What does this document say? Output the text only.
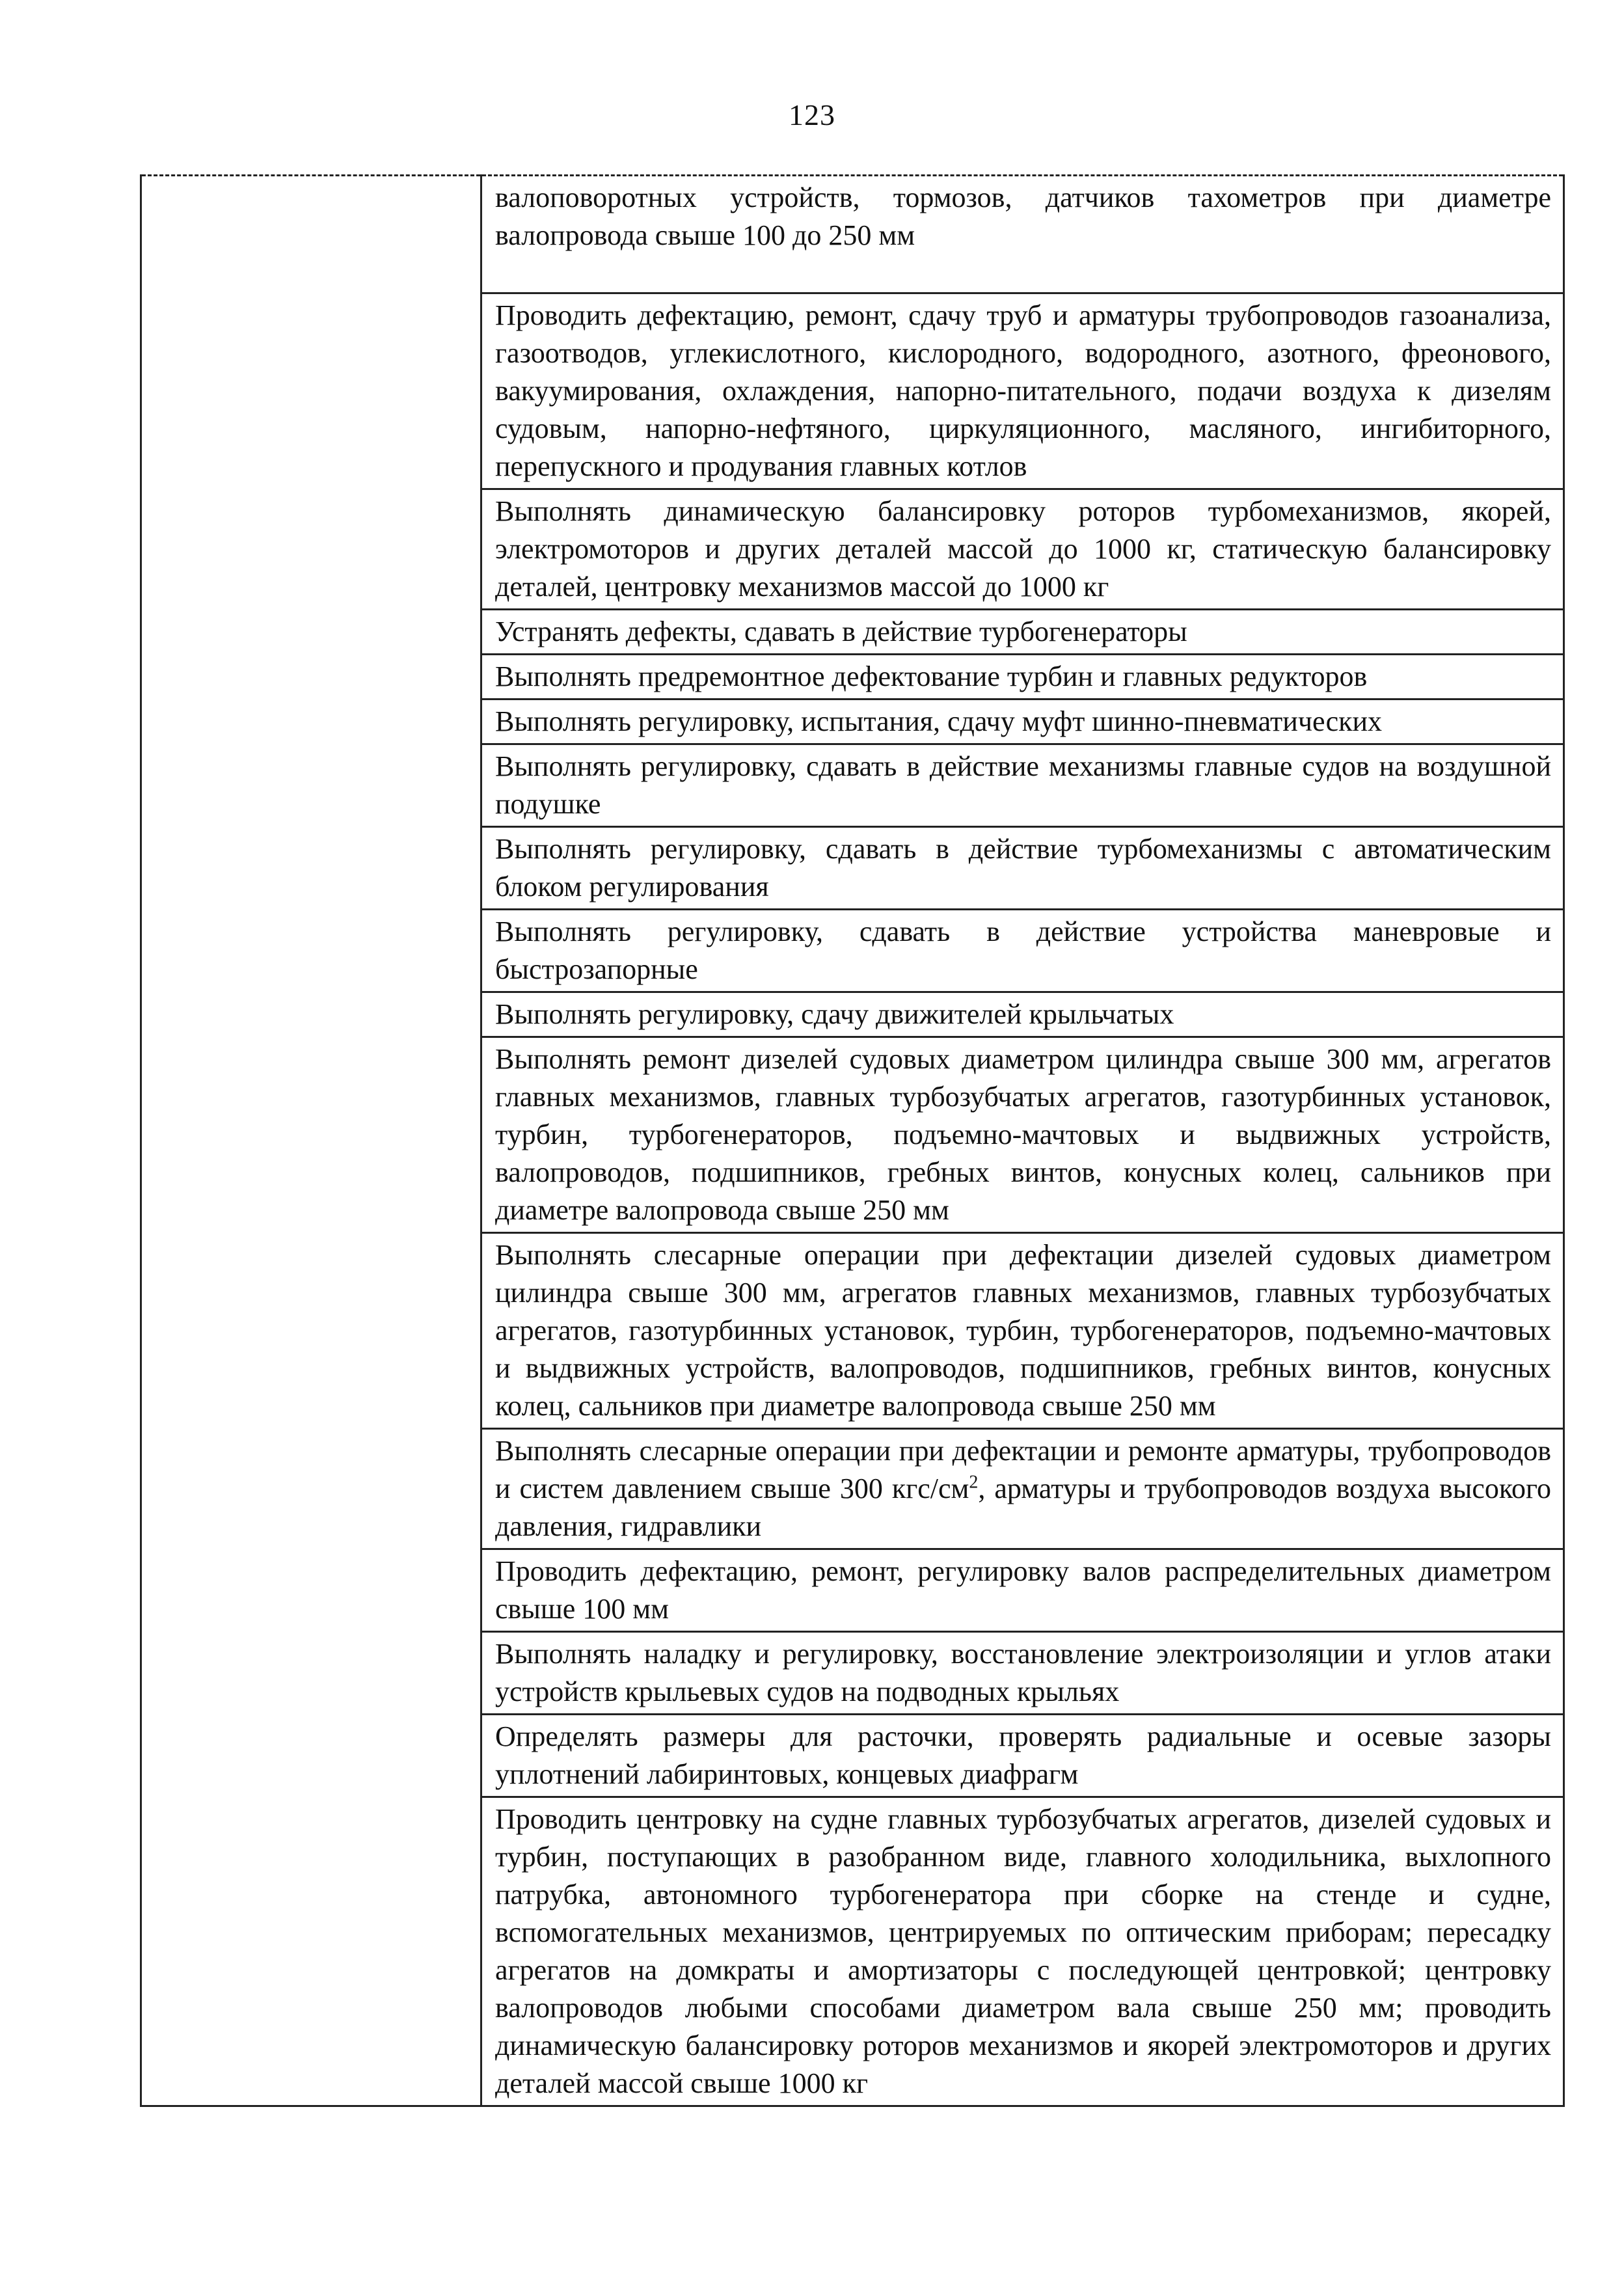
123
	валоповоротных устройств, тормозов, датчиков тахометров при диаметре валопровода свыше 100 до 250 мм
Проводить дефектацию, ремонт, сдачу труб и арматуры трубопроводов газоанализа, газоотводов, углекислотного, кислородного, водородного, азотного, фреонового, вакуумирования, охлаждения, напорно-питательного, подачи воздуха к дизелям судовым, напорно-нефтяного, циркуляционного, масляного, ингибиторного, перепускного и продувания главных котлов
Выполнять динамическую балансировку роторов турбомеханизмов, якорей, электромоторов и других деталей массой до 1000 кг, статическую балансировку деталей, центровку механизмов массой до 1000 кг
Устранять дефекты, сдавать в действие турбогенераторы
Выполнять предремонтное дефектование турбин и главных редукторов
Выполнять регулировку, испытания, сдачу муфт шинно-пневматических
Выполнять регулировку, сдавать в действие механизмы главные судов на воздушной подушке
Выполнять регулировку, сдавать в действие турбомеханизмы с автоматическим блоком регулирования
Выполнять регулировку, сдавать в действие устройства маневровые и быстрозапорные
Выполнять регулировку, сдачу движителей крыльчатых
Выполнять ремонт дизелей судовых диаметром цилиндра свыше 300 мм, агрегатов главных механизмов, главных турбозубчатых агрегатов, газотурбинных установок, турбин, турбогенераторов, подъемно-мачтовых и выдвижных устройств, валопроводов, подшипников, гребных винтов, конусных колец, сальников при диаметре валопровода свыше 250 мм
Выполнять слесарные операции при дефектации дизелей судовых диаметром цилиндра свыше 300 мм, агрегатов главных механизмов, главных турбозубчатых агрегатов, газотурбинных установок, турбин, турбогенераторов, подъемно-мачтовых и выдвижных устройств, валопроводов, подшипников, гребных винтов, конусных колец, сальников при диаметре валопровода свыше 250 мм
Выполнять слесарные операции при дефектации и ремонте арматуры, трубопроводов и систем давлением свыше 300 кгс/$см^2$, арматуры и трубопроводов воздуха высокого давления, гидравлики
Проводить дефектацию, ремонт, регулировку валов распределительных диаметром свыше 100 мм
Выполнять наладку и регулировку, восстановление электроизоляции и углов атаки устройств крыльевых судов на подводных крыльях
Определять размеры для расточки, проверять радиальные и осевые зазоры уплотнений лабиринтовых, концевых диафрагм
Проводить центровку на судне главных турбозубчатых агрегатов, дизелей судовых и турбин, поступающих в разобранном виде, главного холодильника, выхлопного патрубка, автономного турбогенератора при сборке на стенде и судне, вспомогательных механизмов, центрируемых по оптическим приборам; пересадку агрегатов на домкраты и амортизаторы с последующей центровкой; центровку валопроводов любыми способами диаметром вала свыше 250 мм; проводить динамическую балансировку роторов механизмов и якорей электромоторов и других деталей массой свыше 1000 кг
